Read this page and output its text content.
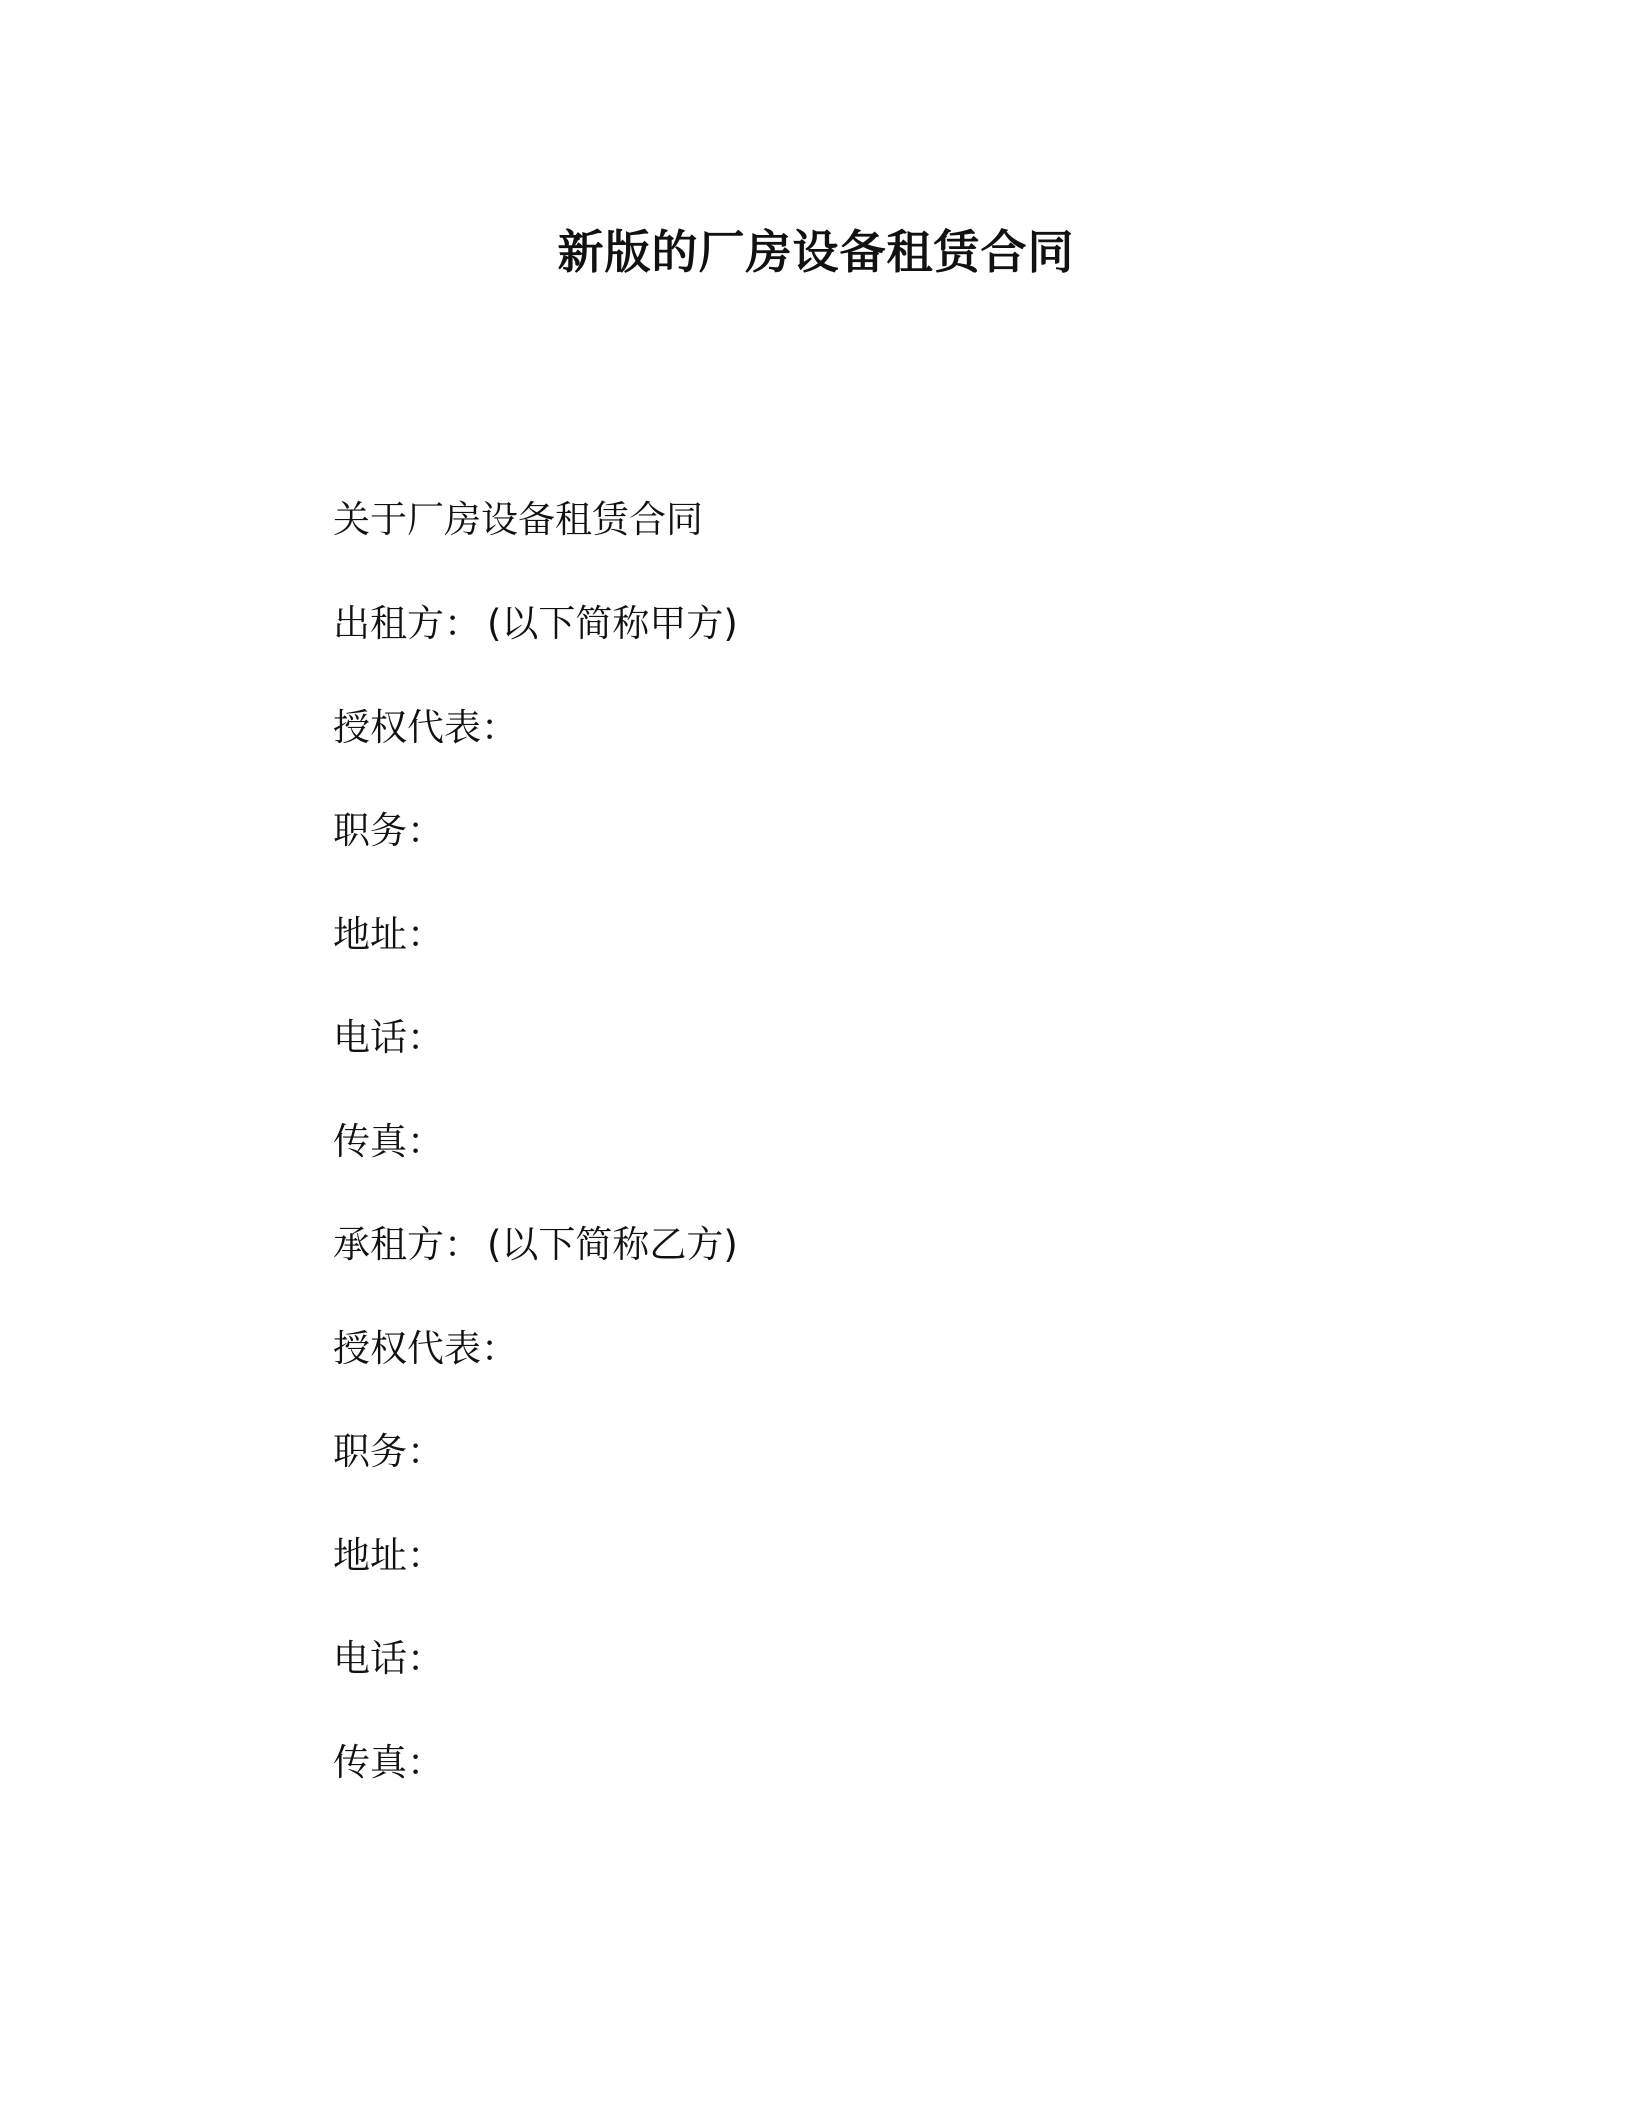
新版的厂房设备租赁合同
关于厂房设备租赁合同
出租方： (以下简称甲方)
授权代表：
职务：
地址：
电话：
传真：
承租方： (以下简称乙方)
授权代表：
职务：
地址：
电话：
传真：
